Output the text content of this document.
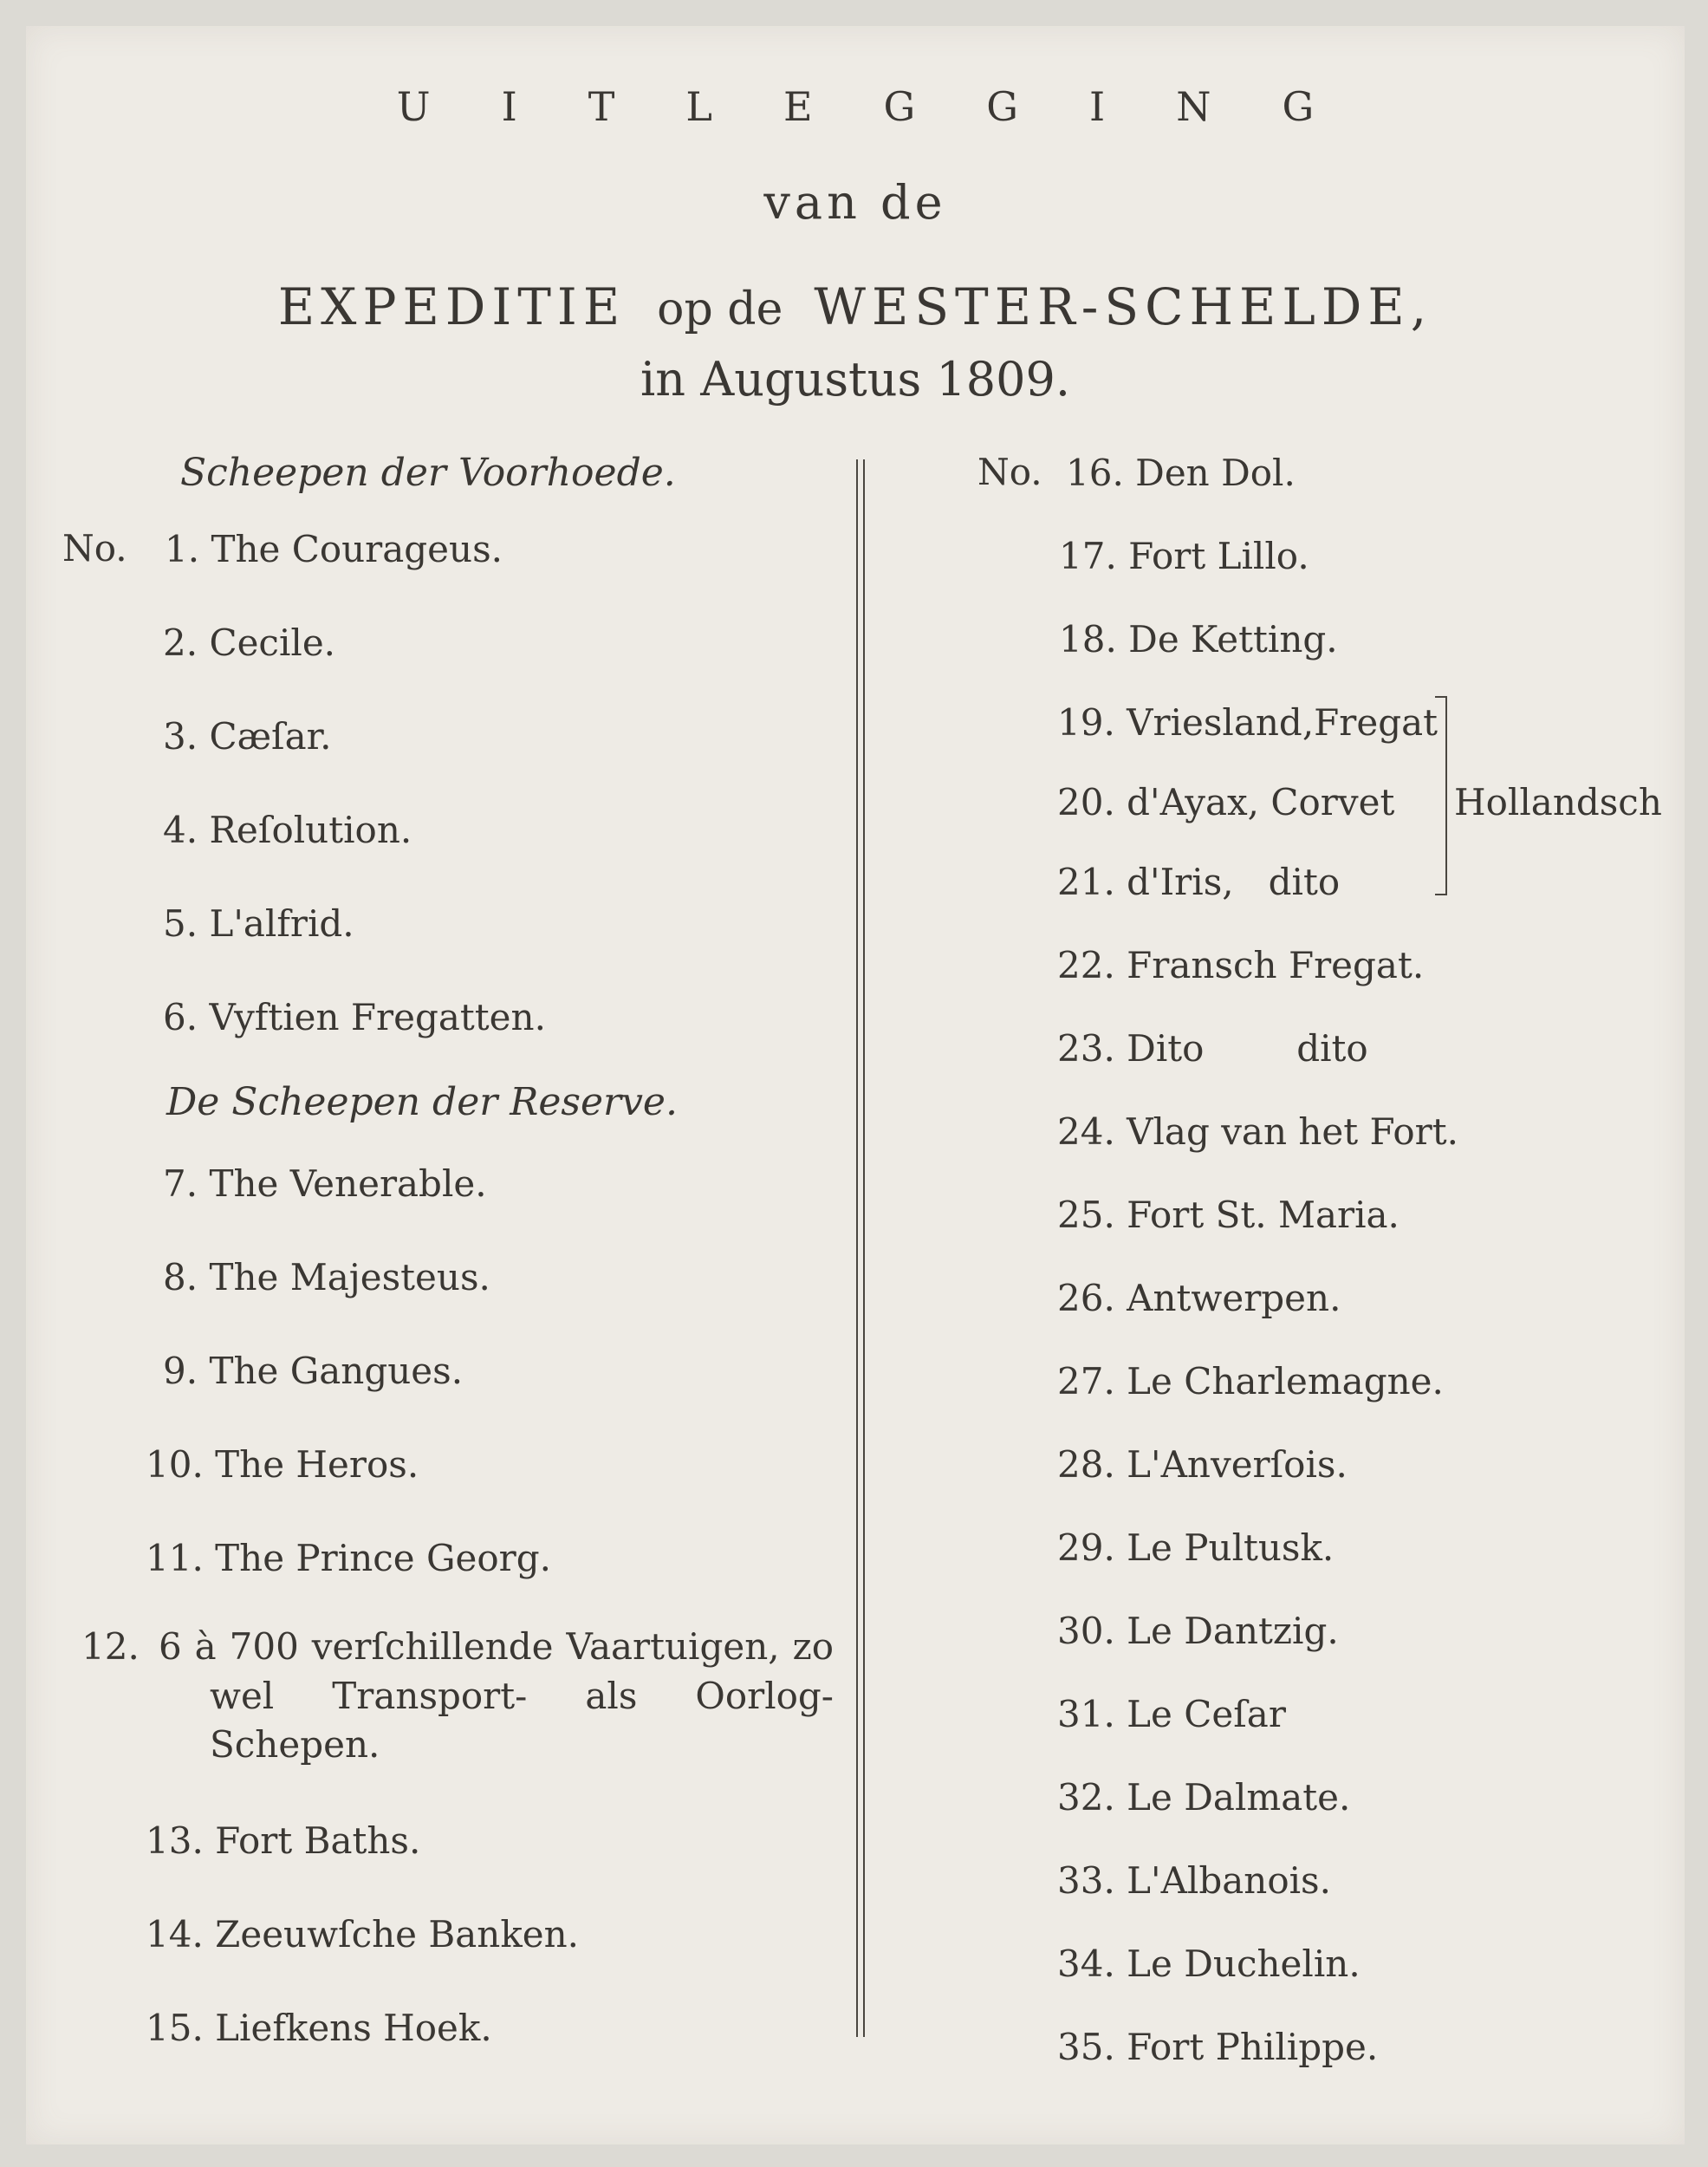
UITLEGGING
van de
EXPEDITIE op de WESTER-SCHELDE,
in Augustus 1809.
Scheepen der Voorhoede.
No. 1. The Courageus.
2. Cecile.
3. Cæſar.
4. Reſolution.
5. L'alfrid.
6. Vyftien Fregatten.
De Scheepen der Reserve.
7. The Venerable.
8. The Majesteus.
9. The Gangues.
10. The Heros.
11. The Prince Georg.
12. 6 à 700 verſchillende Vaartuigen, zo wel Transport- als Oorlog-Schepen.
13. Fort Baths.
14. Zeeuwſche Banken.
15. Liefkens Hoek.
No. 16. Den Dol.
17. Fort Lillo.
18. De Ketting.
19. Vriesland,Fregat
20. d'Ayax, Corvet
21. d'Iris,   dito
Hollandsch
22. Fransch Fregat.
23. Dito        dito
24. Vlag van het Fort.
25. Fort St. Maria.
26. Antwerpen.
27. Le Charlemagne.
28. L'Anverſois.
29. Le Pultusk.
30. Le Dantzig.
31. Le Ceſar
32. Le Dalmate.
33. L'Albanois.
34. Le Duchelin.
35. Fort Philippe.
